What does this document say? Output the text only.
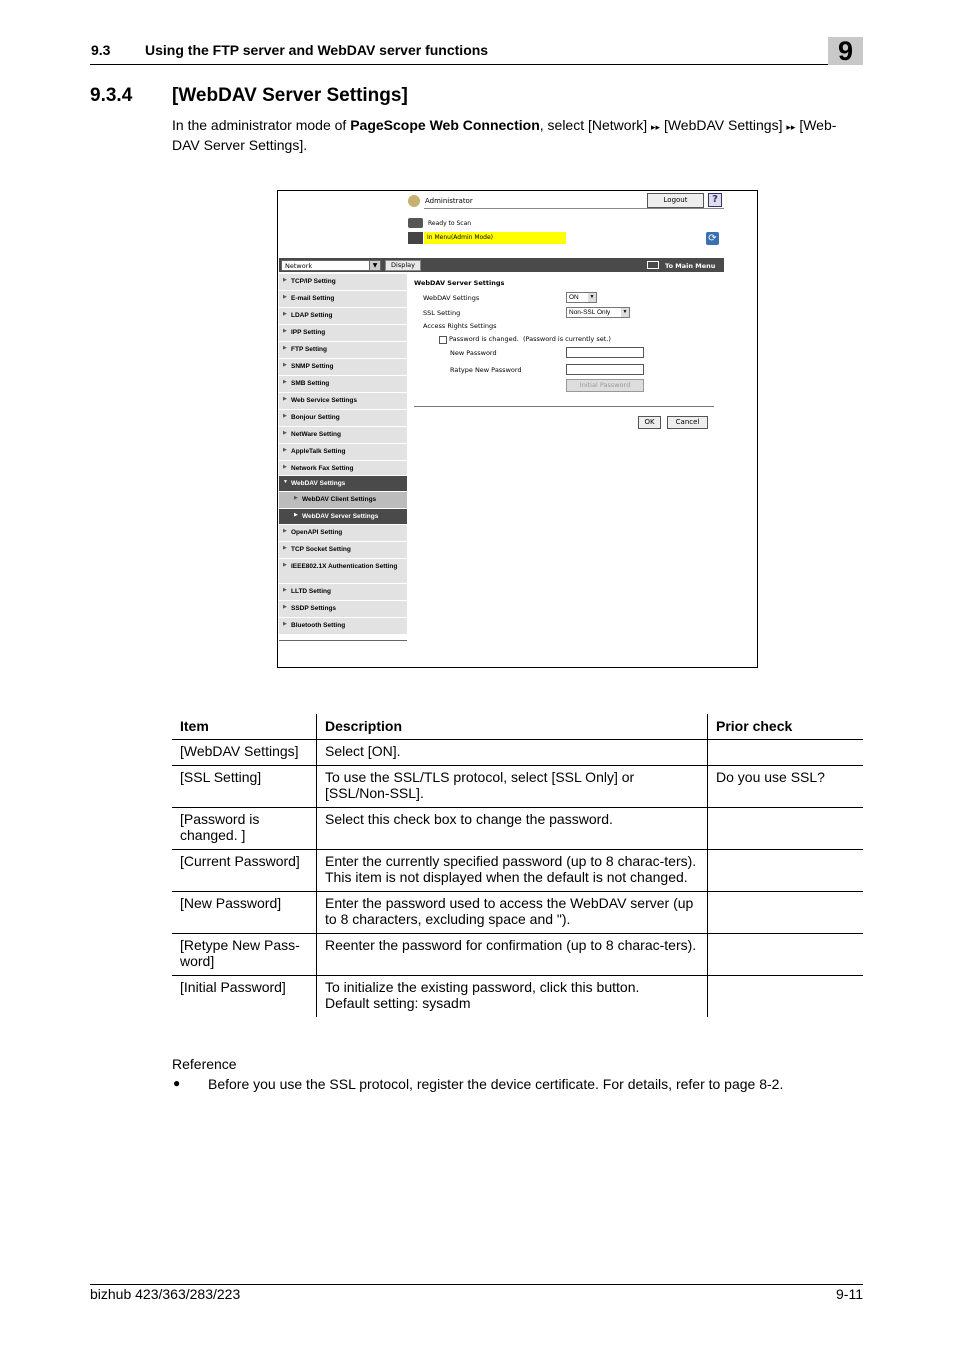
9.3 Using the FTP server and WebDAV server functions	9
9.3.4 [WebDAV Server Settings]
In the administrator mode of PageScope Web Connection, select [Network] ▸▸ [WebDAV Settings] ▸▸ [Web-DAV Server Settings].
Administrator	Logout	?
Ready to Scan
In Menu(Admin Mode)	⟳
Network	▼	Display	To Main Menu
▶ TCP/IP Setting
▶ E-mail Setting
▶ LDAP Setting
▶ IPP Setting
▶ FTP Setting
▶ SNMP Setting
▶ SMB Setting
▶ Web Service Settings
▶ Bonjour Setting
▶ NetWare Setting
▶ AppleTalk Setting
▶ Network Fax Setting
▼ WebDAV Settings
▶ WebDAV Client Settings
▶ WebDAV Server Settings
▶ OpenAPI Setting
▶ TCP Socket Setting
▶ IEEE802.1X Authentication Setting
▶ LLTD Setting
▶ SSDP Settings
▶ Bluetooth Setting
WebDAV Server Settings
WebDAV Settings	ON	▼
SSL Setting	Non-SSL Only	▼
Access Rights Settings
Password is changed. (Password is currently set.)
New Password
Ratype New Password
Initial Password
OK	Cancel
Item	Description	Prior check
[WebDAV Settings]	Select [ON].	
[SSL Setting]	To use the SSL/TLS protocol, select [SSL Only] or [SSL/Non-SSL].	Do you use SSL?
[Password is changed. ]	Select this check box to change the password.	
[Current Password]	Enter the currently specified password (up to 8 charac-ters).
This item is not displayed when the default is not changed.	

[New Password]	Enter the password used to access the WebDAV server (up to 8 characters, excluding space and ").	
[Retype New Pass-word]	Reenter the password for confirmation (up to 8 charac-ters).	
[Initial Password]	To initialize the existing password, click this button.
Default setting: sysadm	

Reference
● Before you use the SSL protocol, register the device certificate. For details, refer to page 8-2.
bizhub 423/363/283/223	9-11
